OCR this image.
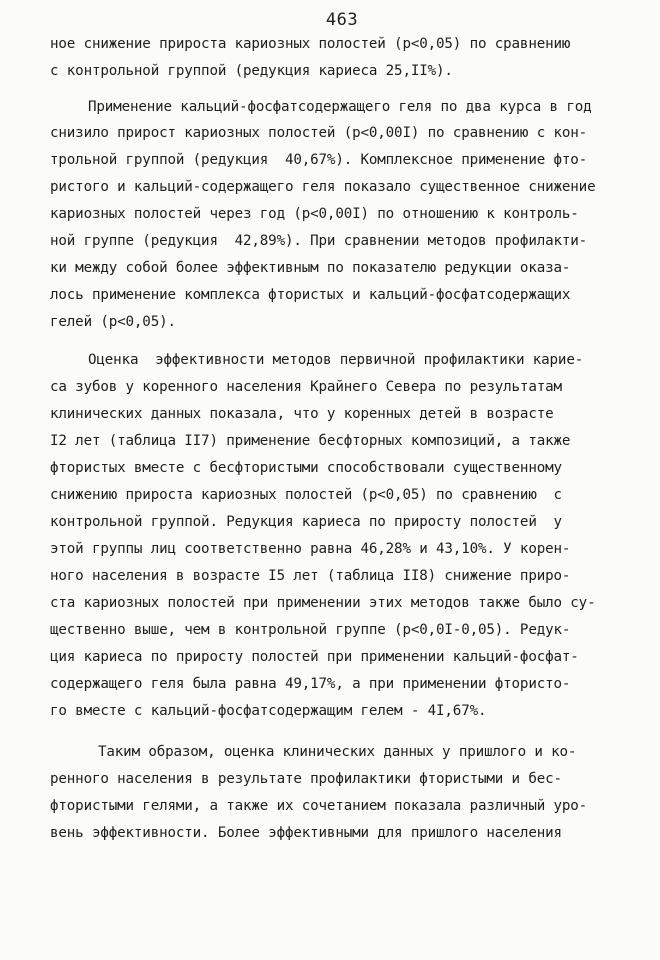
463
ное снижение прироста кариозных полостей (р<0,05) по сравнению
с контрольной группой (редукция кариеса 25,II%).
Применение кальций-фосфатсодержащего геля по два курса в год
снизило прирост кариозных полостей (р<0,00I) по сравнению с кон-
трольной группой (редукция  40,67%). Комплексное применение фто-
ристого и кальций-содержащего геля показало существенное снижение
кариозных полостей через год (р<0,00I) по отношению к контроль-
ной группе (редукция  42,89%). При сравнении методов профилакти-
ки между собой более эффективным по показателю редукции оказа-
лось применение комплекса фтористых и кальций-фосфатсодержащих
гелей (р<0,05).
Оценка  эффективности методов первичной профилактики карие-
са зубов у коренного населения Крайнего Севера по результатам
клинических данных показала, что у коренных детей в возрасте
I2 лет (таблица II7) применение бесфторных композиций, а также
фтористых вместе с бесфтористыми способствовали существенному
снижению прироста кариозных полостей (р<0,05) по сравнению  с
контрольной группой. Редукция кариеса по приросту полостей  у
этой группы лиц соответственно равна 46,28% и 43,10%. У корен-
ного населения в возрасте I5 лет (таблица II8) снижение приро-
ста кариозных полостей при применении этих методов также было су-
щественно выше, чем в контрольной группе (р<0,0I-0,05). Редук-
ция кариеса по приросту полостей при применении кальций-фосфат-
содержащего геля была равна 49,17%, а при применении фтористо-
го вместе с кальций-фосфатсодержащим гелем - 4I,67%.
Таким образом, оценка клинических данных у пришлого и ко-
ренного населения в результате профилактики фтористыми и бес-
фтористыми гелями, а также их сочетанием показала различный уро-
вень эффективности. Более эффективными для пришлого населения
